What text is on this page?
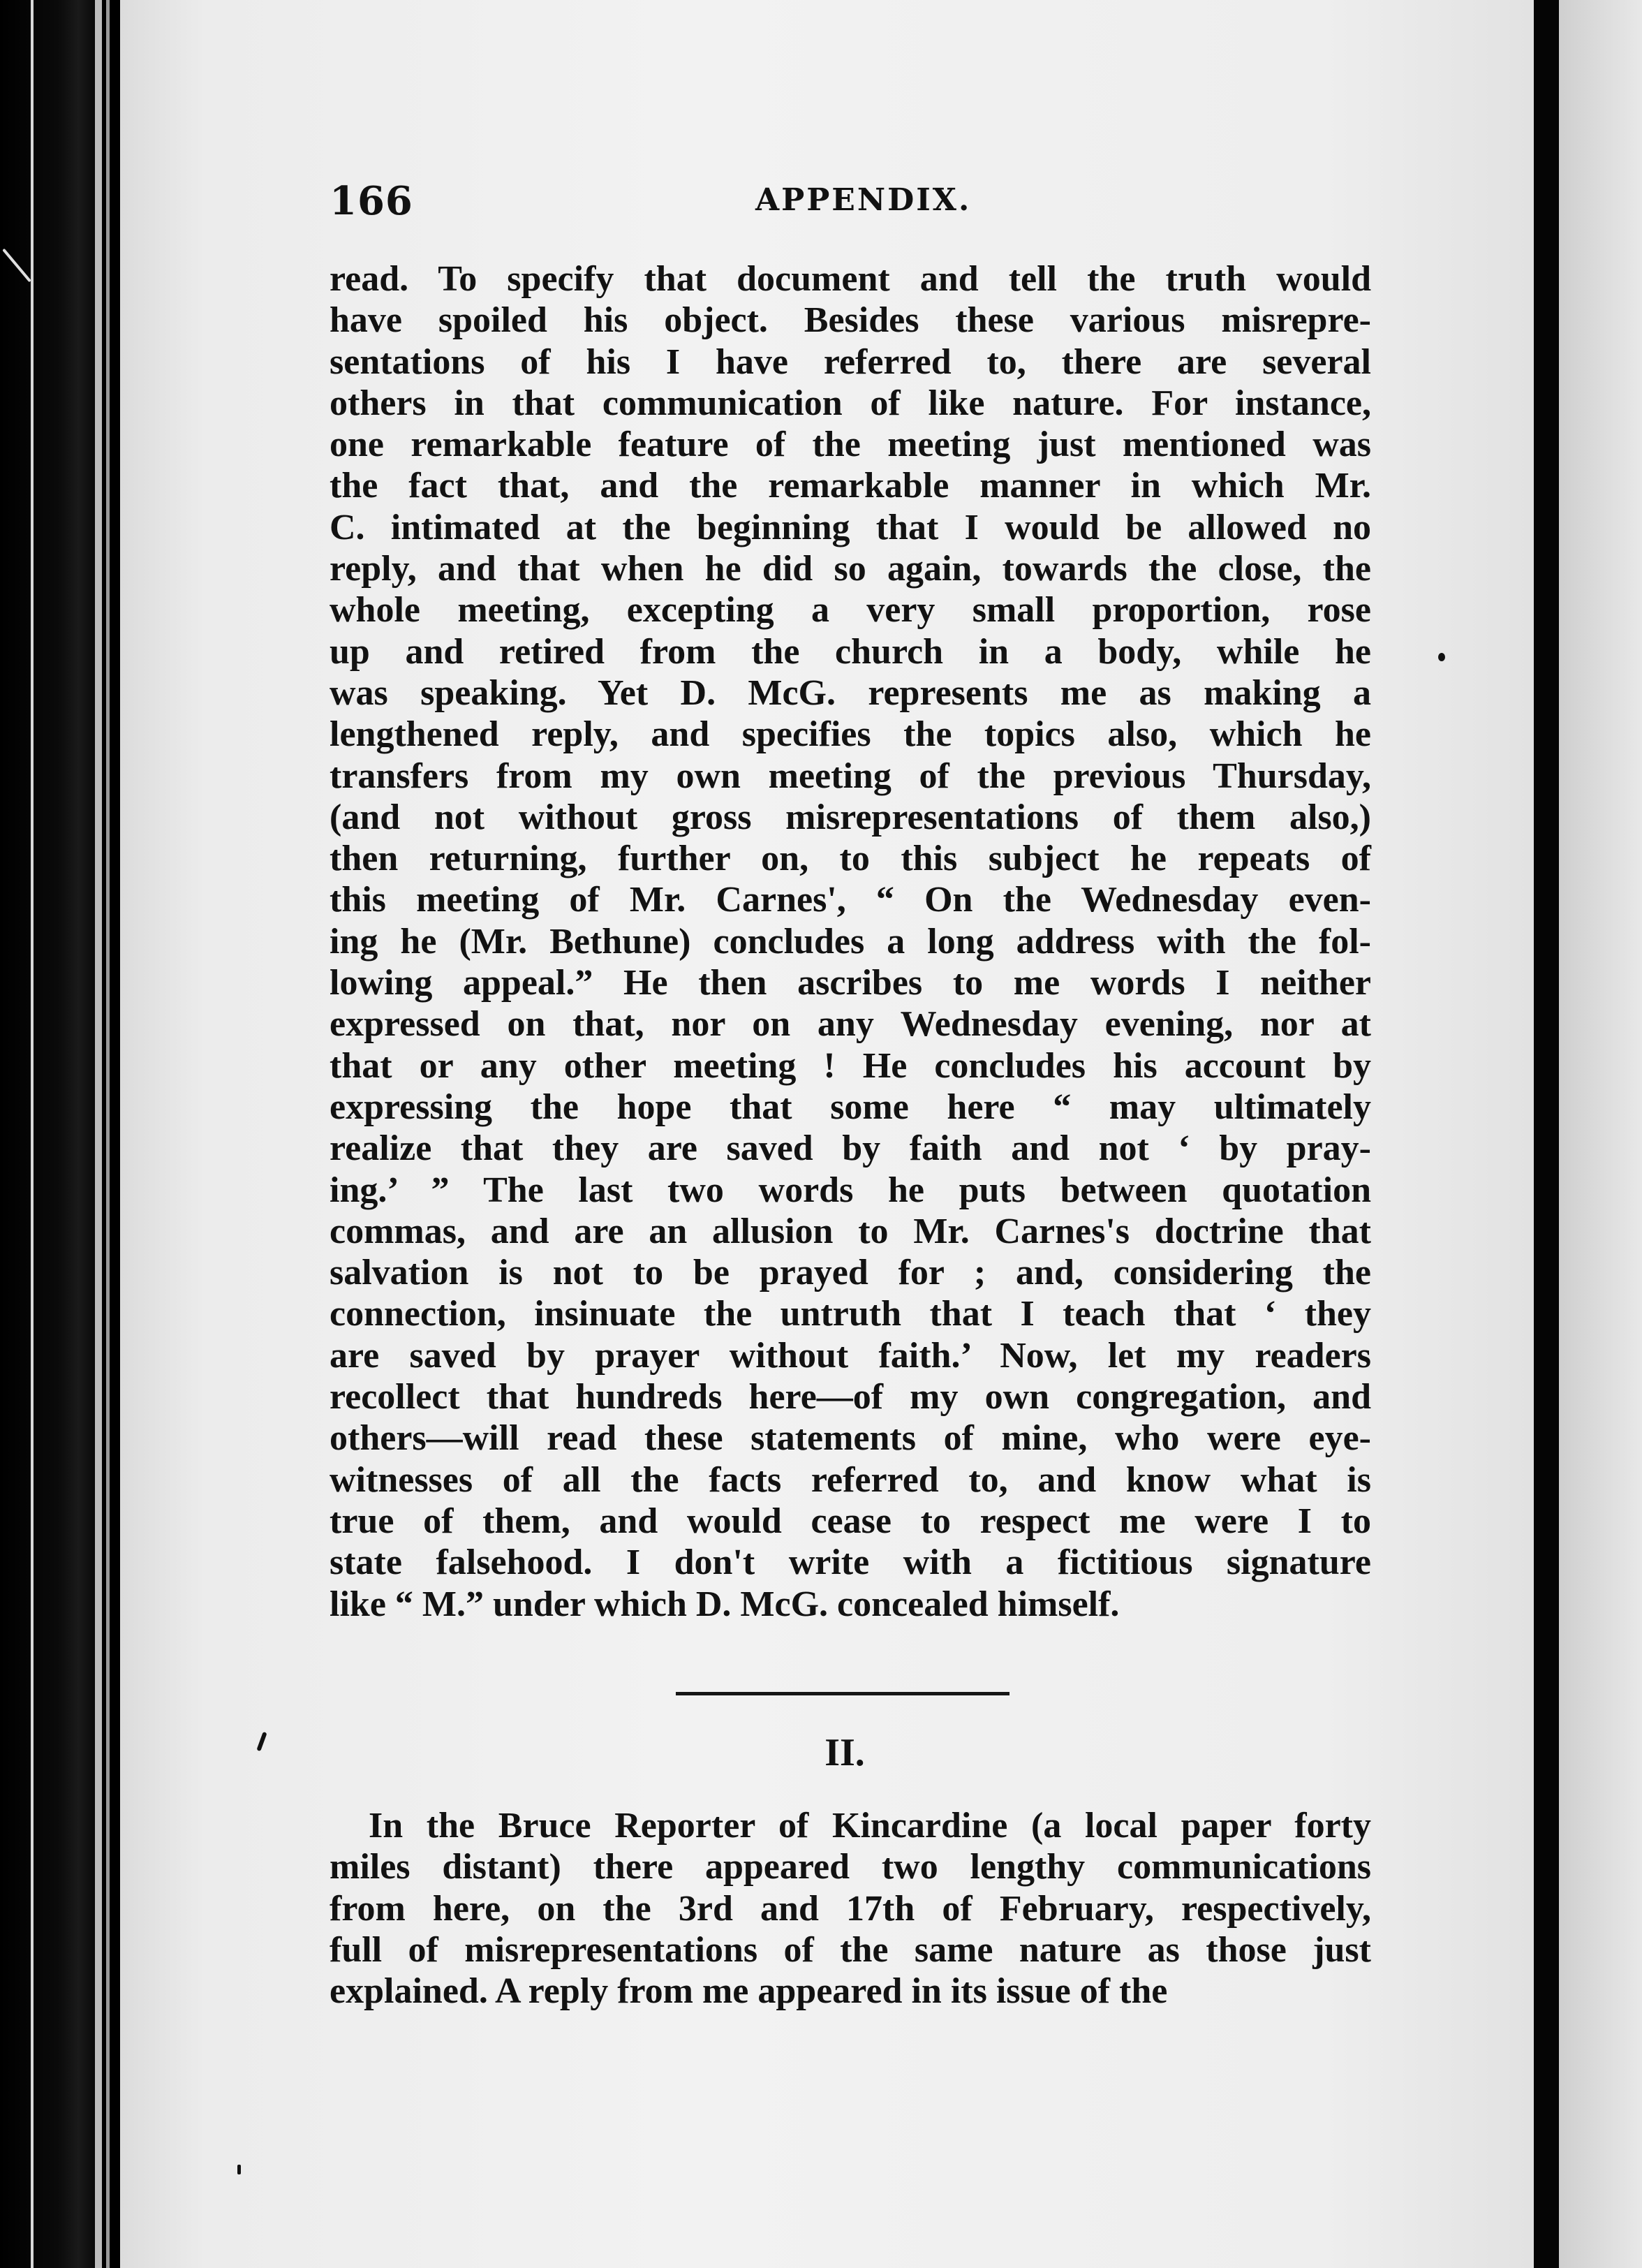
166	APPENDIX.
read. To specify that document and tell the truth would
have spoiled his object. Besides these various misrepre-
sentations of his I have referred to, there are several
others in that communication of like nature. For instance,
one remarkable feature of the meeting just mentioned was
the fact that, and the remarkable manner in which Mr.
C. intimated at the beginning that I would be allowed no
reply, and that when he did so again, towards the close, the
whole meeting, excepting a very small proportion, rose
up and retired from the church in a body, while he
was speaking. Yet D. McG. represents me as making a
lengthened reply, and specifies the topics also, which he
transfers from my own meeting of the previous Thursday,
(and not without gross misrepresentations of them also,)
then returning, further on, to this subject he repeats of
this meeting of Mr. Carnes', “ On the Wednesday even-
ing he (Mr. Bethune) concludes a long address with the fol-
lowing appeal.” He then ascribes to me words I neither
expressed on that, nor on any Wednesday evening, nor at
that or any other meeting ! He concludes his account by
expressing the hope that some here “ may ultimately
realize that they are saved by faith and not ‘ by pray-
ing.’ ” The last two words he puts between quotation
commas, and are an allusion to Mr. Carnes's doctrine that
salvation is not to be prayed for ; and, considering the
connection, insinuate the untruth that I teach that ‘ they
are saved by prayer without faith.’ Now, let my readers
recollect that hundreds here—of my own congregation, and
others—will read these statements of mine, who were eye-
witnesses of all the facts referred to, and know what is
true of them, and would cease to respect me were I to
state falsehood. I don't write with a fictitious signature
like “ M.” under which D. McG. concealed himself.
II.
In the Bruce Reporter of Kincardine (a local paper forty
miles distant) there appeared two lengthy communications
from here, on the 3rd and 17th of February, respectively,
full of misrepresentations of the same nature as those just
explained. A reply from me appeared in its issue of the
